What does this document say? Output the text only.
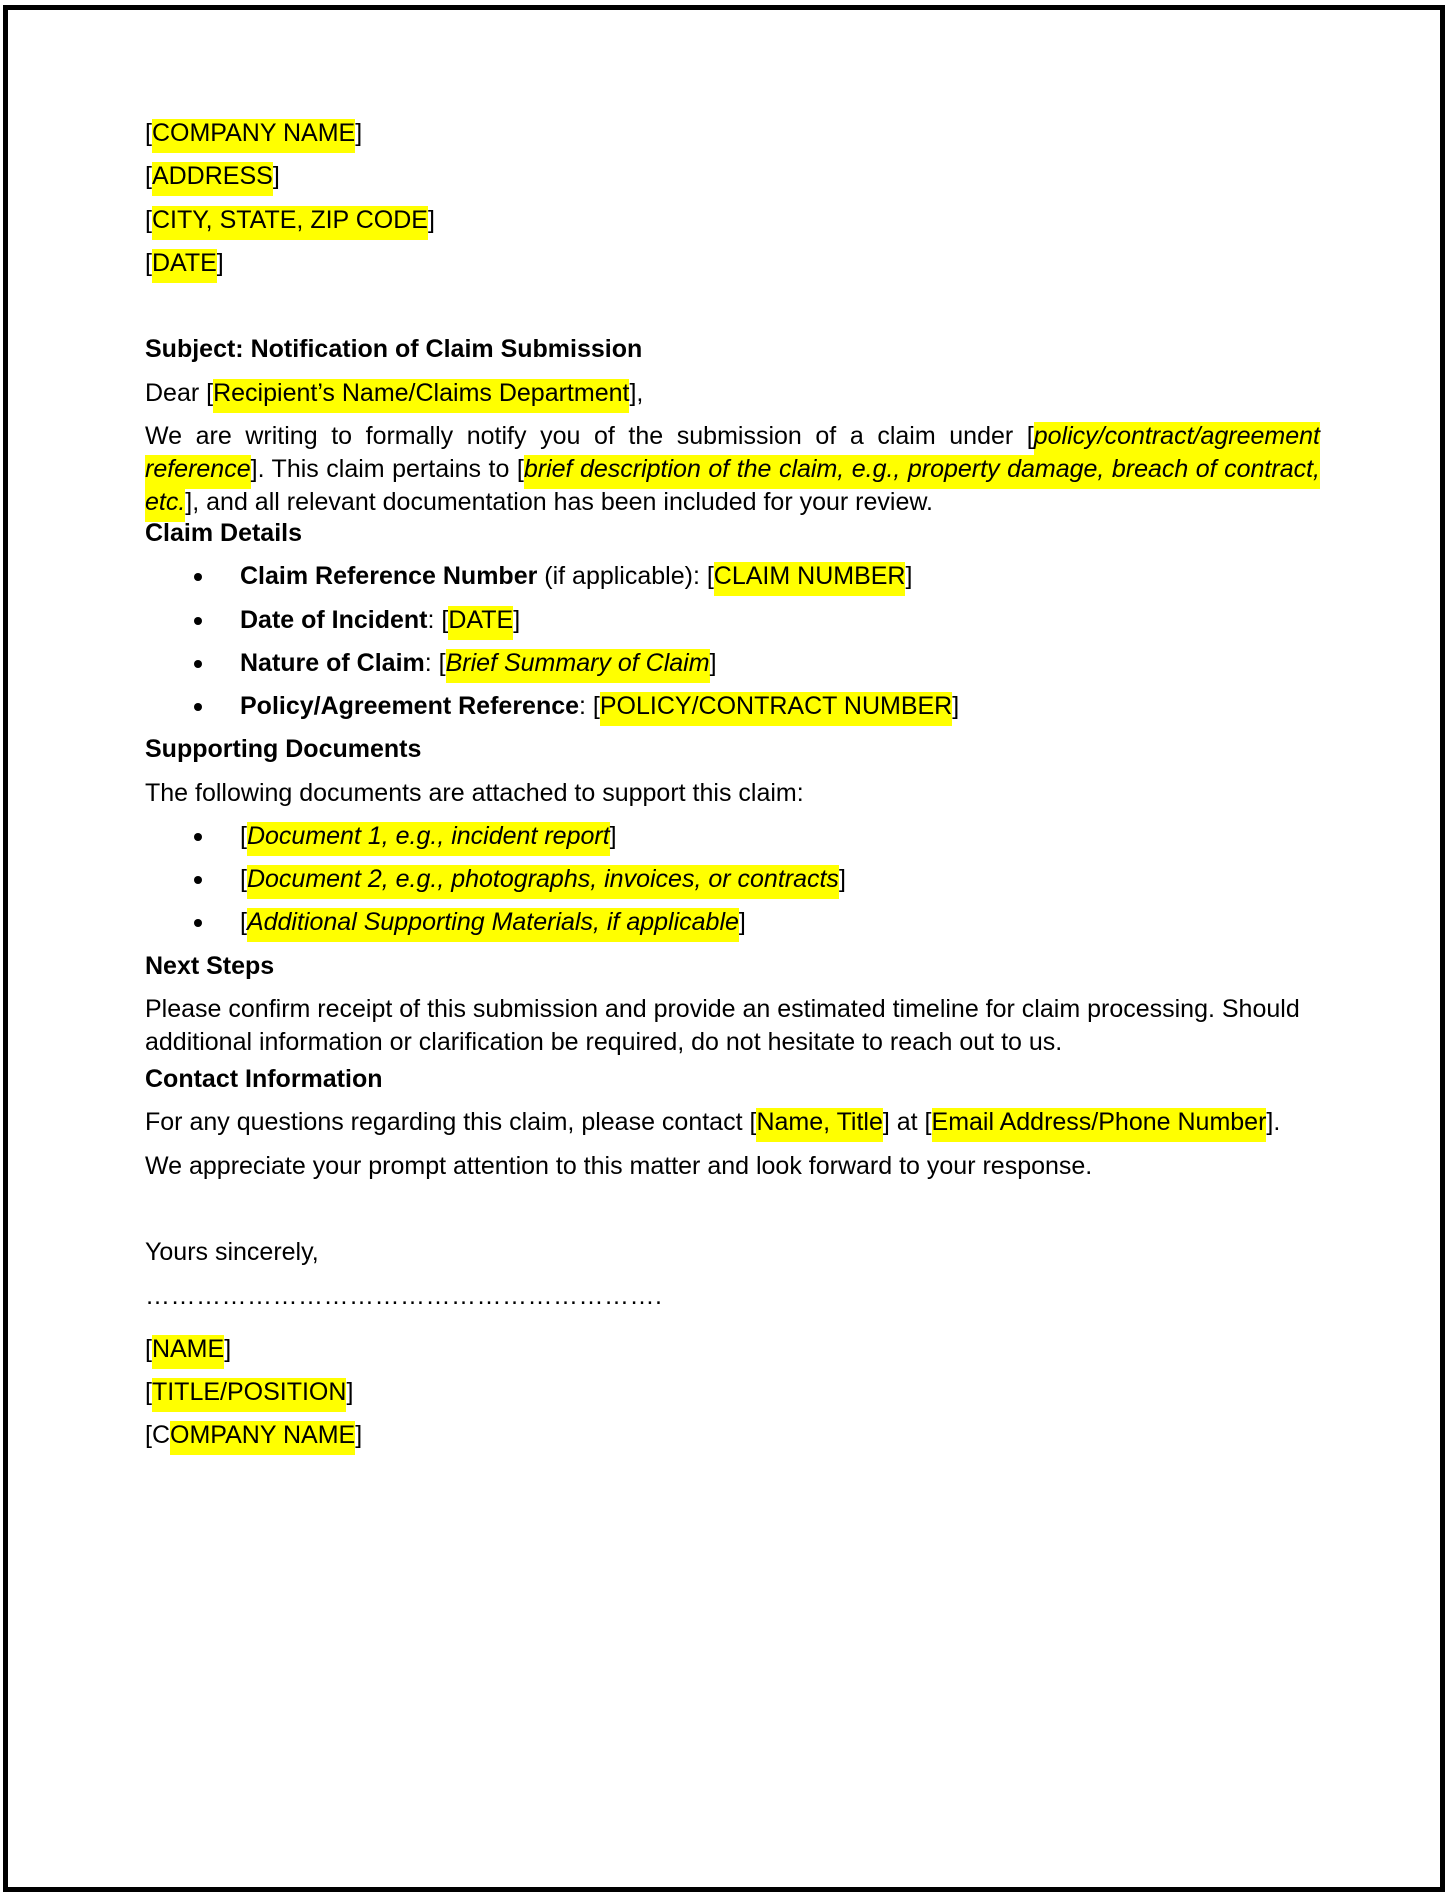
[COMPANY NAME]
[ADDRESS]
[CITY, STATE, ZIP CODE]
[DATE]
Subject: Notification of Claim Submission
Dear [Recipient’s Name/Claims Department],
We are writing to formally notify you of the submission of a claim under [policy/contract/agreement reference]. This claim pertains to [brief description of the claim, e.g., property damage, breach of contract, etc.], and all relevant documentation has been included for your review.
Claim Details
Claim Reference Number (if applicable): [CLAIM NUMBER]
Date of Incident: [DATE]
Nature of Claim: [Brief Summary of Claim]
Policy/Agreement Reference: [POLICY/CONTRACT NUMBER]
Supporting Documents
The following documents are attached to support this claim:
[Document 1, e.g., incident report]
[Document 2, e.g., photographs, invoices, or contracts]
[Additional Supporting Materials, if applicable]
Next Steps
Please confirm receipt of this submission and provide an estimated timeline for claim processing. Should additional information or clarification be required, do not hesitate to reach out to us.
Contact Information
For any questions regarding this claim, please contact [Name, Title] at [Email Address/Phone Number].
We appreciate your prompt attention to this matter and look forward to your response.
Yours sincerely,
…………………………………………………….
[NAME]
[TITLE/POSITION]
[COMPANY NAME]
